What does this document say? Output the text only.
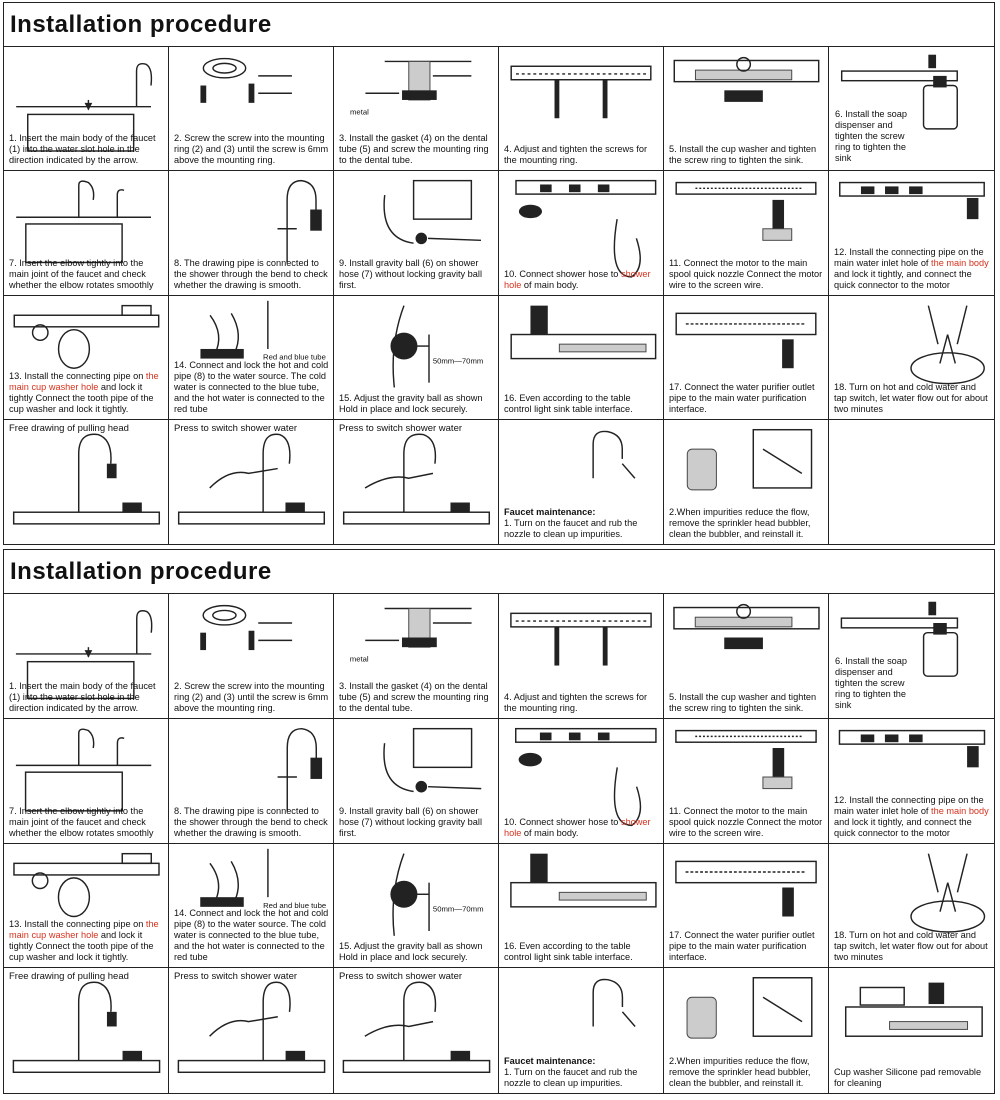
Installation procedure
1. Insert the main body of the faucet (1) into the water slot hole in the direction indicated by the arrow.
2. Screw the screw into the mounting ring (2) and (3) until the screw is 6mm above the mounting ring.
metal
3. Install the gasket (4) on the dental tube (5) and screw the mounting ring to the dental tube.
4. Adjust and tighten the screws for the mounting ring.
5. Install the cup washer and tighten the screw ring to tighten the sink.
6. Install the soap dispenser and tighten the screw ring to tighten the sink
7. Insert the elbow tightly into the main joint of the faucet and check whether the elbow rotates smoothly
8. The drawing pipe is connected to the shower through the bend to check whether the drawing is smooth.
9. Install gravity ball (6) on shower hose (7) without locking gravity ball first.
10. Connect shower hose to shower hole of main body.
11. Connect the motor to the main spool quick nozzle Connect the motor wire to the screen wire.
12. Install the connecting pipe on the main water inlet hole of the main body and lock it tightly, and connect the quick connector to the motor
13. Install the connecting pipe on the main cup washer hole and lock it tightly Connect the tooth pipe of the cup washer and lock it tightly.
Red and blue tube
14. Connect and lock the hot and cold pipe (8) to the water source. The cold water is connected to the blue tube, and the hot water is connected to the red tube
50mm—70mm
15. Adjust the gravity ball as shown Hold in place and lock securely.
16. Even according to the table control light sink table interface.
17. Connect the water purifier outlet pipe to the main water purification interface.
18. Turn on hot and cold water and tap switch, let water flow out for about two minutes
Free drawing of pulling head	Press to switch shower water	Press to switch shower water
Faucet maintenance:
1. Turn on the faucet and rub the nozzle to clean up impurities.
2.When impurities reduce the flow, remove the sprinkler head bubbler, clean the bubbler, and reinstall it.
Installation procedure
1. Insert the main body of the faucet (1) into the water slot hole in the direction indicated by the arrow.
2. Screw the screw into the mounting ring (2) and (3) until the screw is 6mm above the mounting ring.
metal
3. Install the gasket (4) on the dental tube (5) and screw the mounting ring to the dental tube.
4. Adjust and tighten the screws for the mounting ring.
5. Install the cup washer and tighten the screw ring to tighten the sink.
6. Install the soap dispenser and tighten the screw ring to tighten the sink
7. Insert the elbow tightly into the main joint of the faucet and check whether the elbow rotates smoothly
8. The drawing pipe is connected to the shower through the bend to check whether the drawing is smooth.
9. Install gravity ball (6) on shower hose (7) without locking gravity ball first.
10. Connect shower hose to shower hole of main body.
11. Connect the motor to the main spool quick nozzle Connect the motor wire to the screen wire.
12. Install the connecting pipe on the main water inlet hole of the main body and lock it tightly, and connect the quick connector to the motor
13. Install the connecting pipe on the main cup washer hole and lock it tightly Connect the tooth pipe of the cup washer and lock it tightly.
Red and blue tube
14. Connect and lock the hot and cold pipe (8) to the water source. The cold water is connected to the blue tube, and the hot water is connected to the red tube
50mm—70mm
15. Adjust the gravity ball as shown Hold in place and lock securely.
16. Even according to the table control light sink table interface.
17. Connect the water purifier outlet pipe to the main water purification interface.
18. Turn on hot and cold water and tap switch, let water flow out for about two minutes
Free drawing of pulling head	Press to switch shower water	Press to switch shower water
Faucet maintenance:
1. Turn on the faucet and rub the nozzle to clean up impurities.
2.When impurities reduce the flow, remove the sprinkler head bubbler, clean the bubbler, and reinstall it.
Cup washer Silicone pad removable for cleaning
